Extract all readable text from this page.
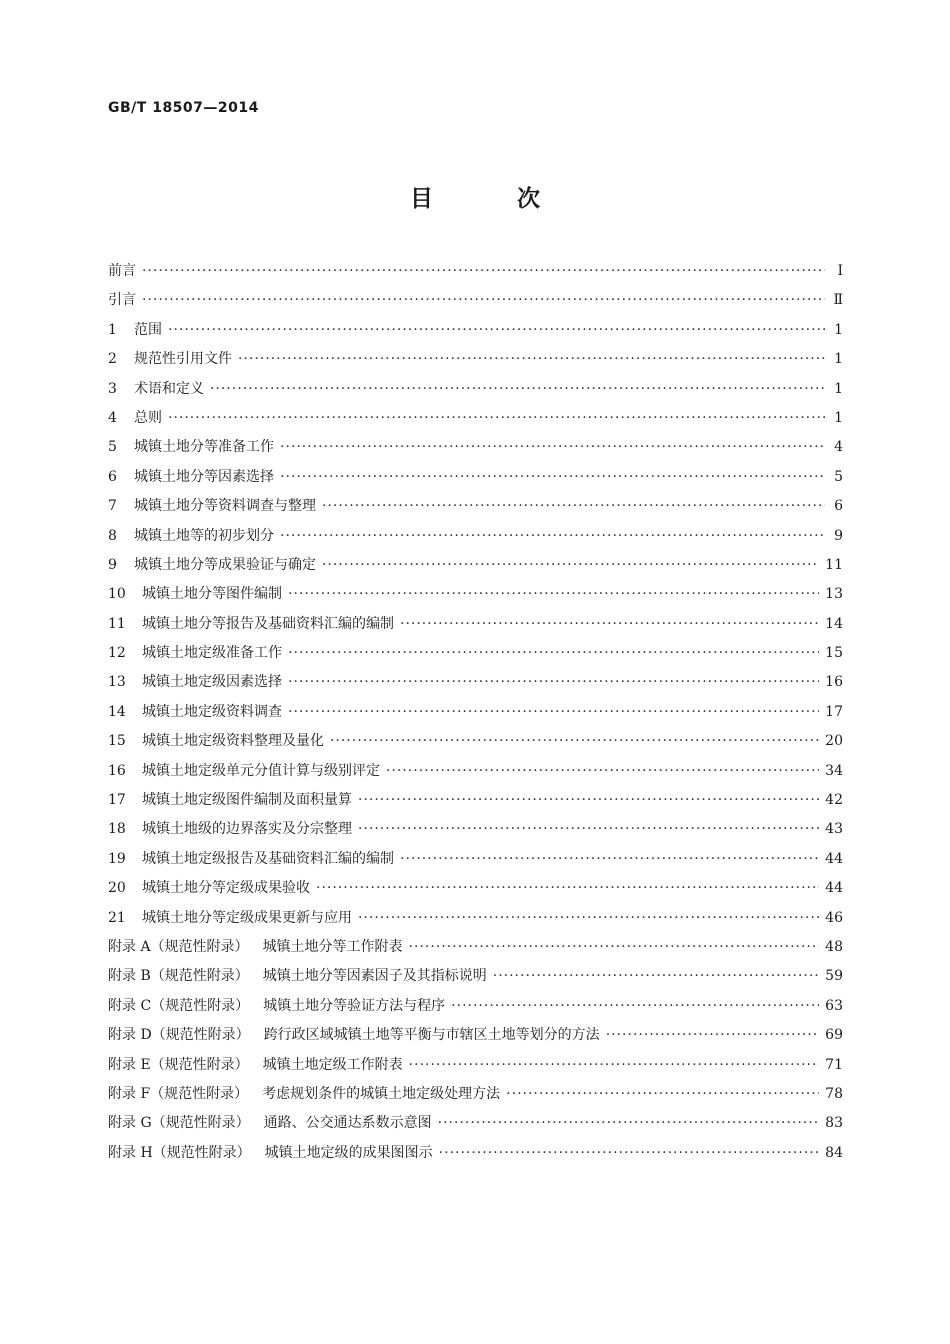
GB/T 18507—2014
目 次
前言 ·····	Ⅰ
引言 ·····	Ⅱ
1	范围 ·····	1
2	规范性引用文件 ·····	1
3	术语和定义 ·····	1
4	总则 ·····	1
5	城镇土地分等准备工作 ·····	4
6	城镇土地分等因素选择 ·····	5
7	城镇土地分等资料调查与整理 ·····	6
8	城镇土地等的初步划分 ·····	9
9	城镇土地分等成果验证与确定 ·····	11
10	城镇土地分等图件编制 ·····	13
11	城镇土地分等报告及基础资料汇编的编制 ·····	14
12	城镇土地定级准备工作 ·····	15
13	城镇土地定级因素选择 ·····	16
14	城镇土地定级资料调查 ·····	17
15	城镇土地定级资料整理及量化 ·····	20
16	城镇土地定级单元分值计算与级别评定 ·····	34
17	城镇土地定级图件编制及面积量算 ·····	42
18	城镇土地级的边界落实及分宗整理 ·····	43
19	城镇土地定级报告及基础资料汇编的编制 ·····	44
20	城镇土地分等定级成果验收 ·····	44
21	城镇土地分等定级成果更新与应用 ·····	46
附录 A（规范性附录） 城镇土地分等工作附表 ·····	48
附录 B（规范性附录） 城镇土地分等因素因子及其指标说明 ·····	59
附录 C（规范性附录） 城镇土地分等验证方法与程序 ·····	63
附录 D（规范性附录） 跨行政区域城镇土地等平衡与市辖区土地等划分的方法 ·····	69
附录 E（规范性附录） 城镇土地定级工作附表 ·····	71
附录 F（规范性附录） 考虑规划条件的城镇土地定级处理方法 ·····	78
附录 G（规范性附录） 通路、公交通达系数示意图 ·····	83
附录 H（规范性附录） 城镇土地定级的成果图图示 ·····	84
